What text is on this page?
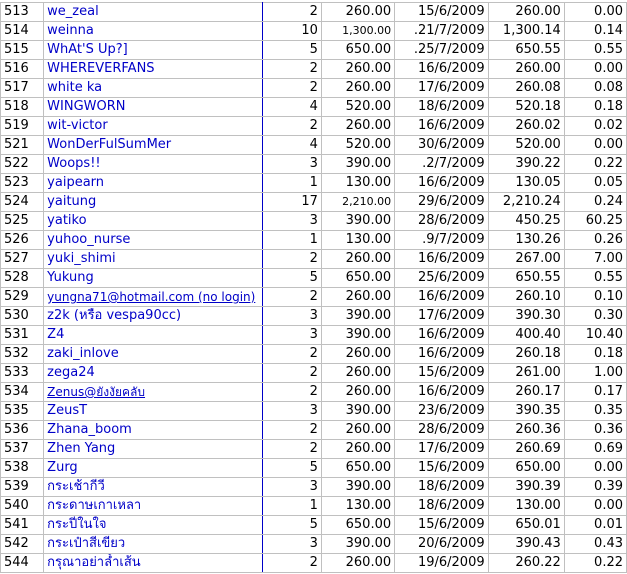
513	we_zeal	2	260.00	15/6/2009	260.00	0.00
514	weinna	10	1,300.00	.21/7/2009	1,300.14	0.14
515	WhAt'S Up?]	5	650.00	.25/7/2009	650.55	0.55
516	WHEREVERFANS	2	260.00	16/6/2009	260.00	0.00
517	white ka	2	260.00	17/6/2009	260.08	0.08
518	WINGWORN	4	520.00	18/6/2009	520.18	0.18
519	wit-victor	2	260.00	16/6/2009	260.02	0.02
521	WonDerFulSumMer	4	520.00	30/6/2009	520.00	0.00
522	Woops!!	3	390.00	.2/7/2009	390.22	0.22
523	yaipearn	1	130.00	16/6/2009	130.05	0.05
524	yaitung	17	2,210.00	29/6/2009	2,210.24	0.24
525	yatiko	3	390.00	28/6/2009	450.25	60.25
526	yuhoo_nurse	1	130.00	.9/7/2009	130.26	0.26
527	yuki_shimi	2	260.00	16/6/2009	267.00	7.00
528	Yukung	5	650.00	25/6/2009	650.55	0.55
529	yungna71@hotmail.com (no login)	2	260.00	16/6/2009	260.10	0.10
530	z2k (หรือ vespa90cc)	3	390.00	17/6/2009	390.30	0.30
531	Z4	3	390.00	16/6/2009	400.40	10.40
532	zaki_inlove	2	260.00	16/6/2009	260.18	0.18
533	zega24	2	260.00	15/6/2009	261.00	1.00
534	Zenus@ยังงัยคลับ	2	260.00	16/6/2009	260.17	0.17
535	ZeusT	3	390.00	23/6/2009	390.35	0.35
536	Zhana_boom	2	260.00	28/6/2009	260.36	0.36
537	Zhen Yang	2	260.00	17/6/2009	260.69	0.69
538	Zurg	5	650.00	15/6/2009	650.00	0.00
539	กระเช้ากีวี	3	390.00	18/6/2009	390.39	0.39
540	กระดาษเกาเหลา	1	130.00	18/6/2009	130.00	0.00
541	กระปี่ในใจ	5	650.00	15/6/2009	650.01	0.01
542	กระเป๋าสีเขียว	3	390.00	20/6/2009	390.43	0.43
544	กรุณาอย่าล้ำเส้น	2	260.00	19/6/2009	260.22	0.22
